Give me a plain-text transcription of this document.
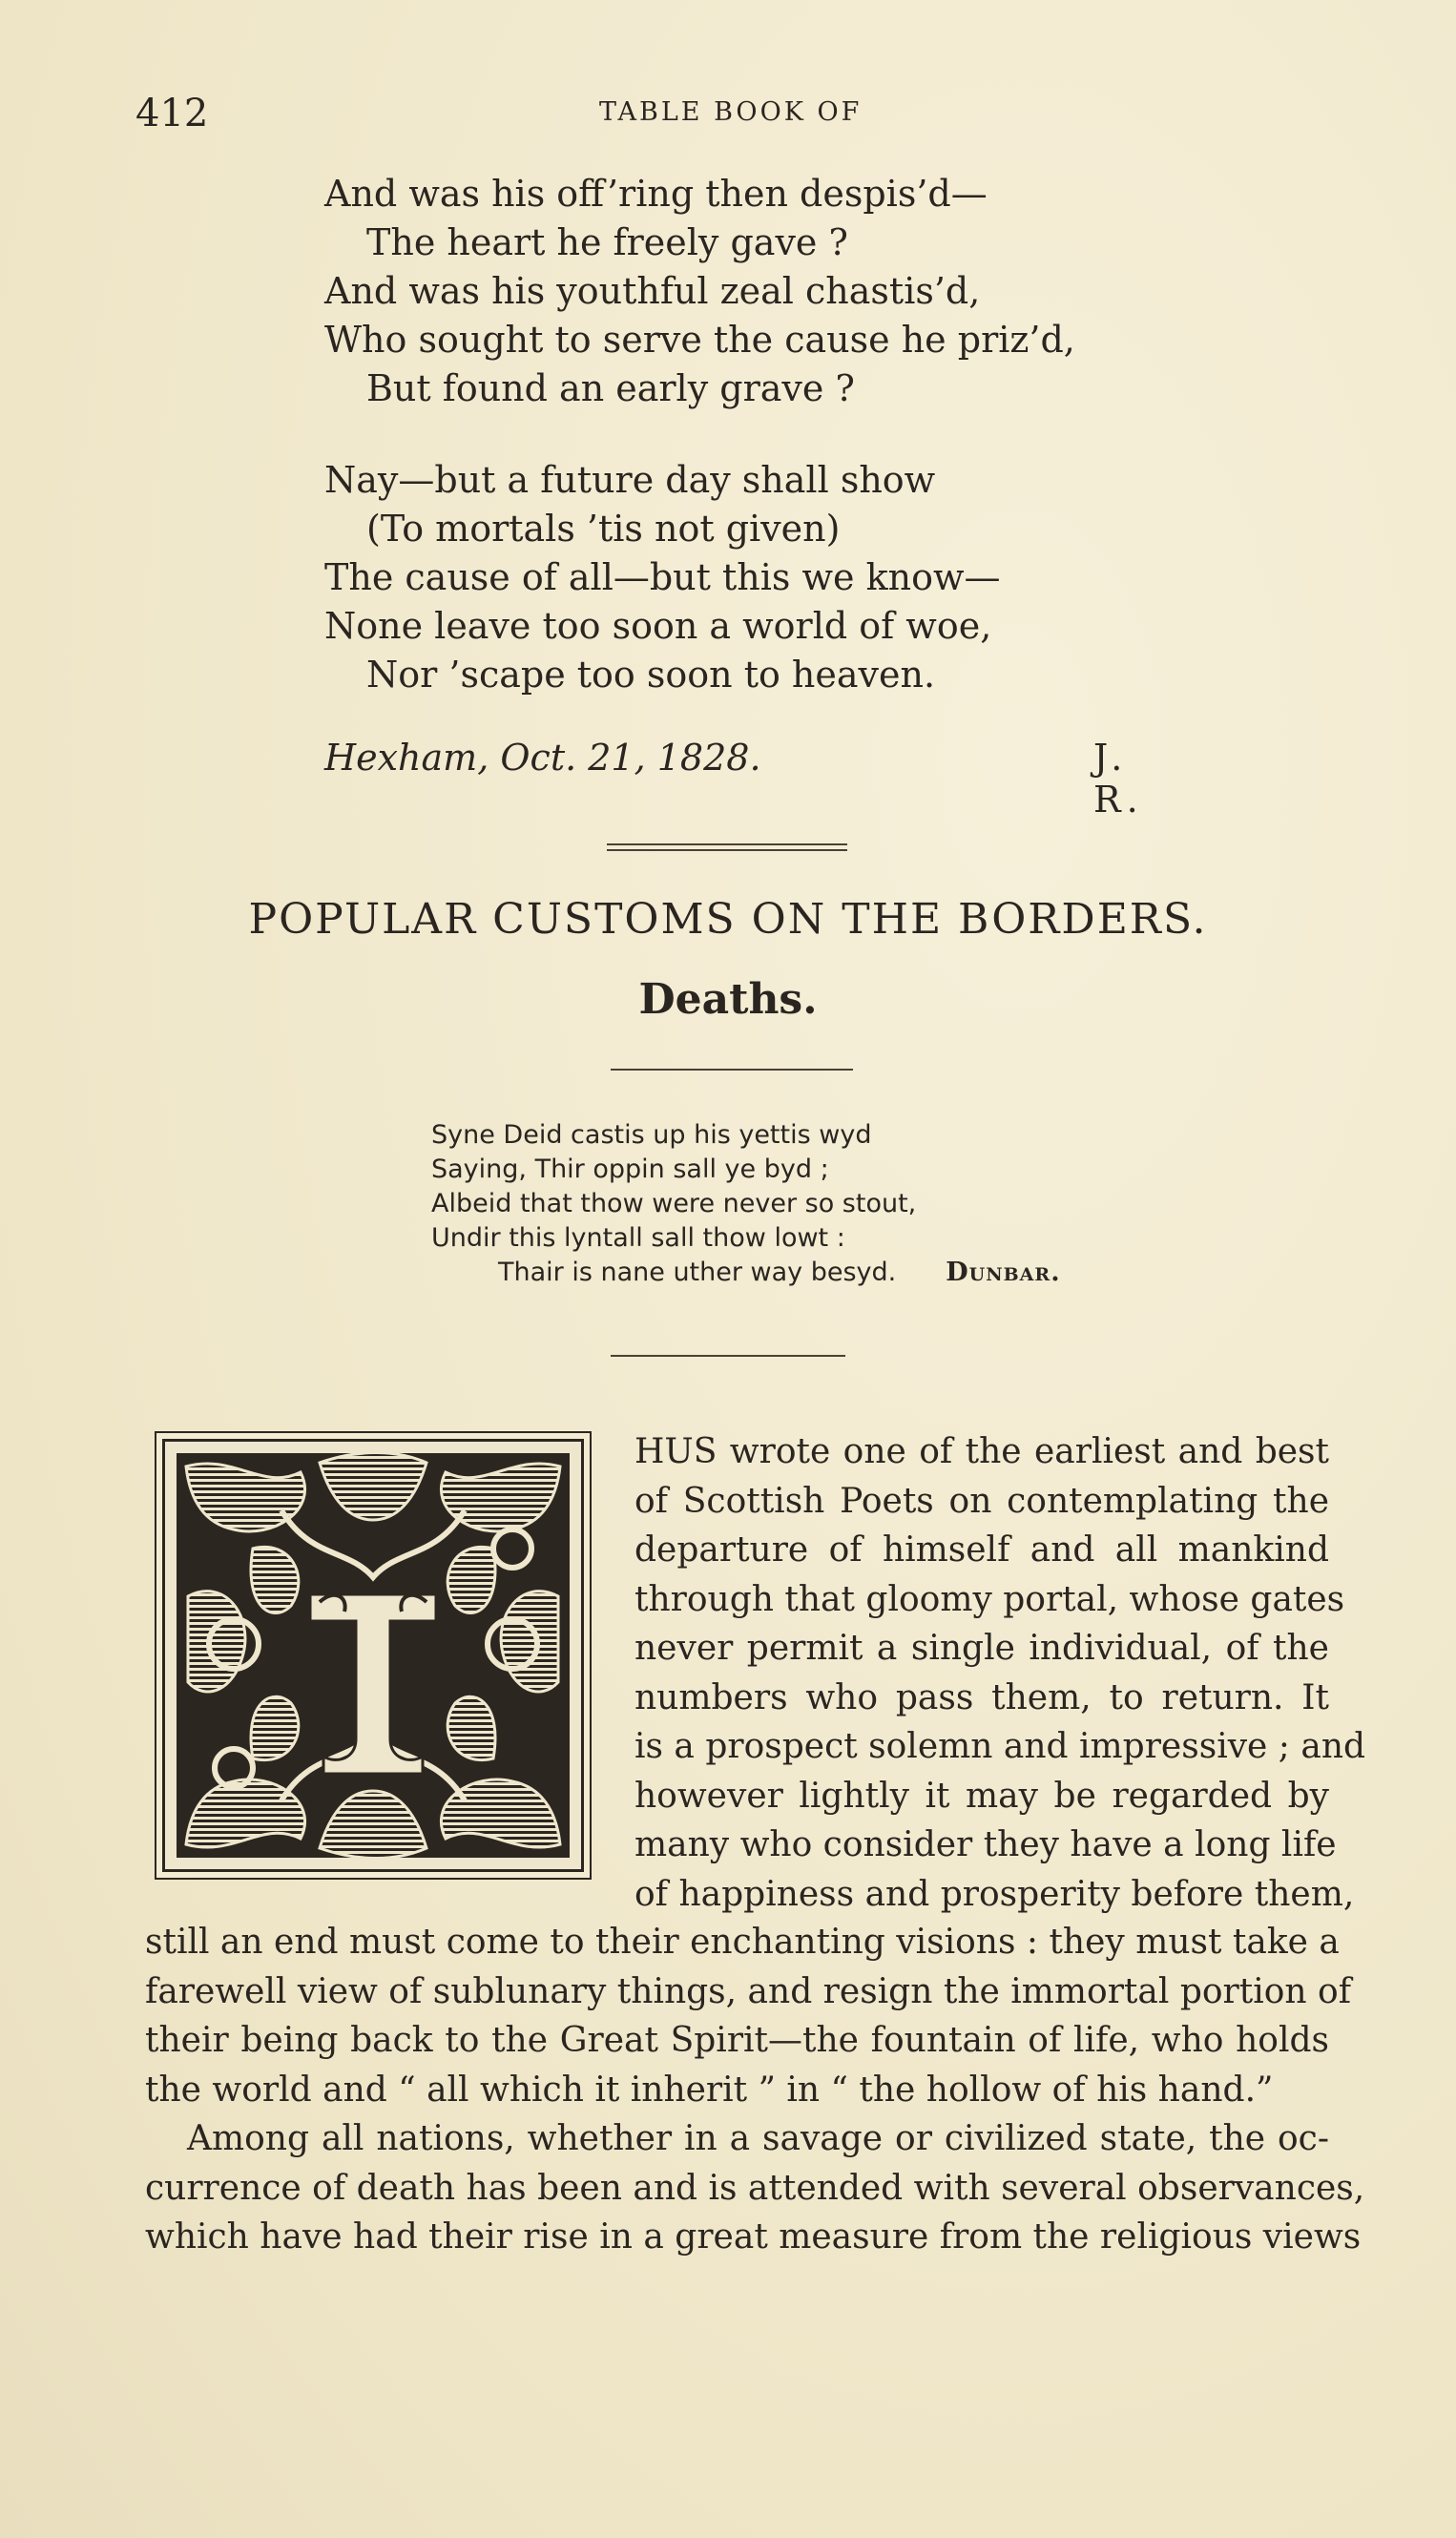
412	TABLE BOOK OF
And was his off’ring then despis’d—
The heart he freely gave ?
And was his youthful zeal chastis’d,
Who sought to serve the cause he priz’d,
But found an early grave ?
Nay—but a future day shall show
(To mortals ’tis not given)
The cause of all—but this we know—
None leave too soon a world of woe,
Nor ’scape too soon to heaven.
Hexham, Oct. 21, 1828.	J. R.
POPULAR CUSTOMS ON THE BORDERS.
Deaths.
Syne Deid castis up his yettis wyd
Saying, Thir oppin sall ye byd ;
Albeid that thow were never so stout,
Undir this lyntall sall thow lowt :
Thair is nane uther way besyd. Dunbar.
HUS wrote one of the earliest and best
of Scottish Poets on contemplating the
departure of himself and all mankind
through that gloomy portal, whose gates
never permit a single individual, of the
numbers who pass them, to return. It
is a prospect solemn and impressive ; and
however lightly it may be regarded by
many who consider they have a long life
of happiness and prosperity before them,
still an end must come to their enchanting visions : they must take a
farewell view of sublunary things, and resign the immortal portion of
their being back to the Great Spirit—the fountain of life, who holds
the world and “ all which it inherit ” in “ the hollow of his hand.”
Among all nations, whether in a savage or civilized state, the oc-
currence of death has been and is attended with several observances,
which have had their rise in a great measure from the religious views
